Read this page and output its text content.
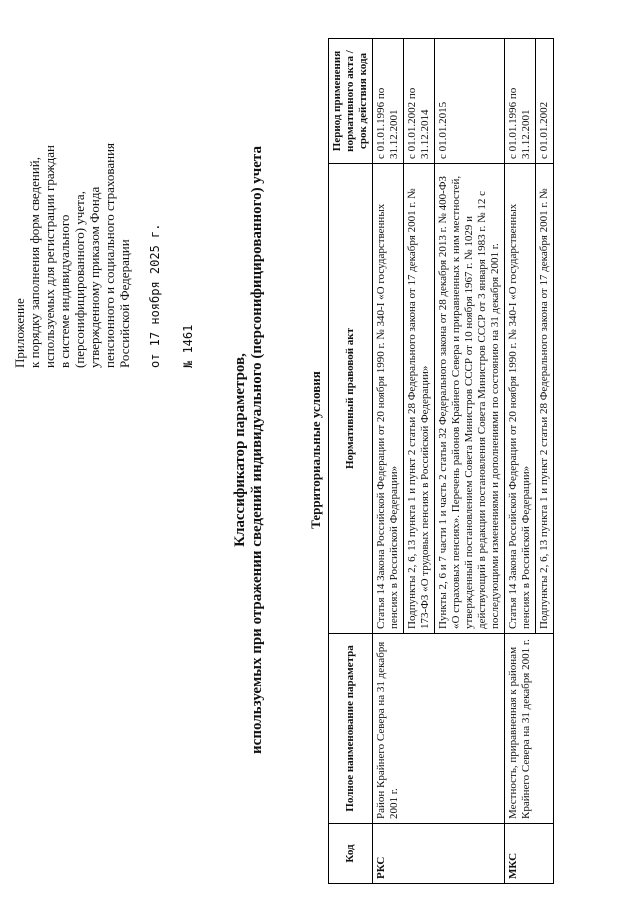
Приложение к порядку заполнения форм сведений, используемых для регистрации граждан в системе индивидуального (персонифицированного) учета, утвержденному приказом Фонда пенсионного и социального страхования Российской Федерации от 17 ноября 2025 г. № 1461
Классификатор параметров, используемых при отражении сведений индивидуального (персонифицированного) учета	Территориальные условия
Код	Полное наименование параметра	Нормативный правовой акт	Период применения нормативного акта / срок действия кода
РКС	Район Крайнего Севера на 31 декабря 2001 г.	Статья 14 Закона Российской Федерации от 20 ноября 1990 г. № 340-I «О государственных пенсиях в Российской Федерации»	с 01.01.1996 по 31.12.2001
		Подпункты 2, 6, 13 пункта 1 и пункт 2 статьи 28 Федерального закона от 17 декабря 2001 г. № 173-ФЗ «О трудовых пенсиях в Российской Федерации»	с 01.01.2002 по 31.12.2014
		Пункты 2, 6 и 7 части 1 и часть 2 статьи 32 Федерального закона от 28 декабря 2013 г. № 400-ФЗ «О страховых пенсиях». Перечень районов Крайнего Севера и приравненных к ним местностей, утвержденный постановлением Совета Министров СССР от 10 ноября 1967 г. № 1029 и действующий в редакции постановления Совета Министров СССР от 3 января 1983 г. № 12 с последующими изменениями и дополнениями по состоянию на 31 декабря 2001 г.	с 01.01.2015
МКС	Местность, приравненная к районам Крайнего Севера на 31 декабря 2001 г.	Статья 14 Закона Российской Федерации от 20 ноября 1990 г. № 340-I «О государственных пенсиях в Российской Федерации»	с 01.01.1996 по 31.12.2001
		Подпункты 2, 6, 13 пункта 1 и пункт 2 статьи 28 Федерального закона от 17 декабря 2001 г. №	с 01.01.2002
